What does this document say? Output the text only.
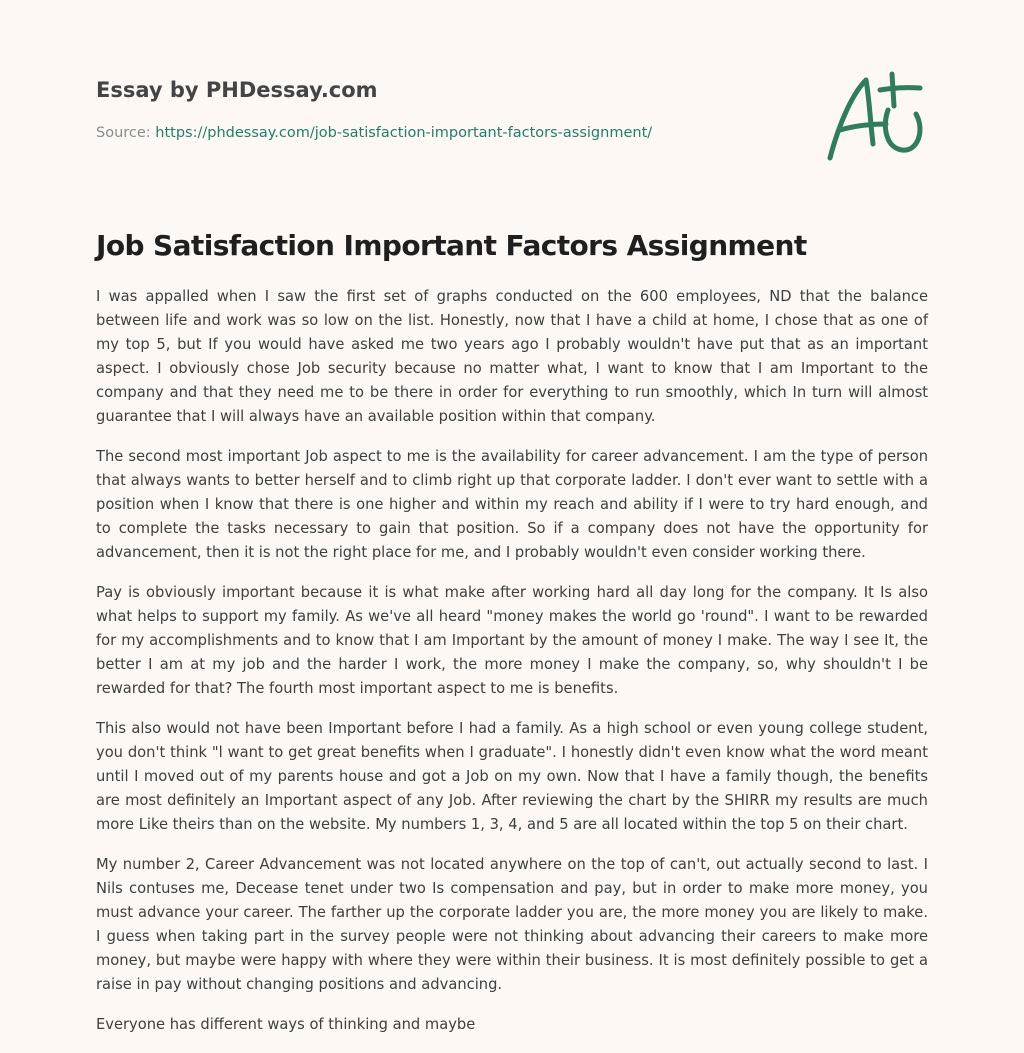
Essay by PHDessay.com
Source: https://phdessay.com/job-satisfaction-important-factors-assignment/
Job Satisfaction Important Factors Assignment

I was appalled when I saw the first set of graphs conducted on the 600 employees, ND that the balance between life and work was so low on the list. Honestly, now that I have a child at home, I chose that as one of my top 5, but If you would have asked me two years ago I probably wouldn't have put that as an important aspect. I obviously chose Job security because no matter what, I want to know that I am Important to the company and that they need me to be there in order for everything to run smoothly, which In turn will almost guarantee that I will always have an available position within that company.

The second most important Job aspect to me is the availability for career advancement. I am the type of person that always wants to better herself and to climb right up that corporate ladder. I don't ever want to settle with a position when I know that there is one higher and within my reach and ability if I were to try hard enough, and to complete the tasks necessary to gain that position. So if a company does not have the opportunity for advancement, then it is not the right place for me, and I probably wouldn't even consider working there.

Pay is obviously important because it is what make after working hard all day long for the company. It Is also what helps to support my family. As we've all heard "money makes the world go 'round". I want to be rewarded for my accomplishments and to know that I am Important by the amount of money I make. The way I see It, the better I am at my job and the harder I work, the more money I make the company, so, why shouldn't I be rewarded for that? The fourth most important aspect to me is benefits.

This also would not have been Important before I had a family. As a high school or even young college student, you don't think "l want to get great benefits when I graduate". I honestly didn't even know what the word meant until I moved out of my parents house and got a Job on my own. Now that I have a family though, the benefits are most definitely an Important aspect of any Job. After reviewing the chart by the SHIRR my results are much more Like theirs than on the website. My numbers 1, 3, 4, and 5 are all located within the top 5 on their chart.

My number 2, Career Advancement was not located anywhere on the top of can't, out actually second to last. I Nils contuses me, Decease tenet under two Is compensation and pay, but in order to make more money, you must advance your career. The farther up the corporate ladder you are, the more money you are likely to make. I guess when taking part in the survey people were not thinking about advancing their careers to make more money, but maybe were happy with where they were within their business. It is most definitely possible to get a raise in pay without changing positions and advancing.

Everyone has different ways of thinking and maybe
